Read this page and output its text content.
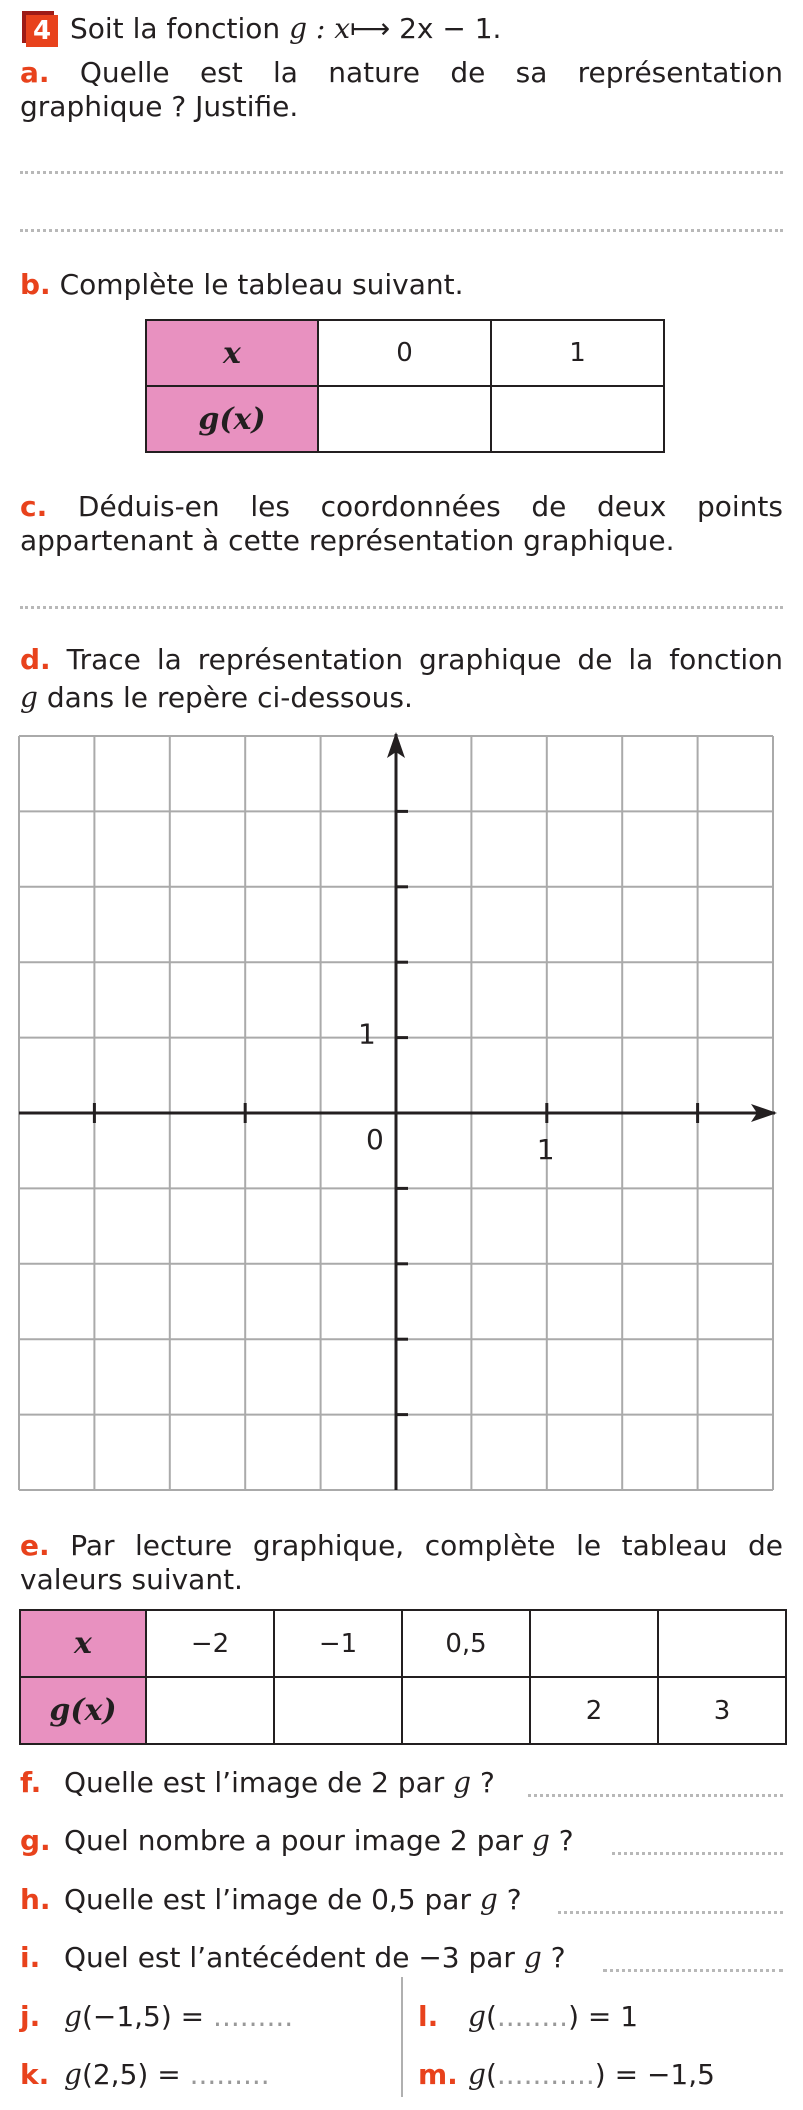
4 Soit la fonction g : x⟼ 2x − 1.
a. Quelle est la nature de sa représentation
graphique ? Justifie.
b. Complète le tableau suivant.
x	0	1
g(x)		
c. Déduis-en les coordonnées de deux points
appartenant à cette représentation graphique.
d. Trace la représentation graphique de la fonction
g dans le repère ci-dessous.
0	1
1
e. Par lecture graphique, complète le tableau de
valeurs suivant.
x	−2	−1	0,5		
g(x)				2	3
f. Quelle est l’image de 2 par g ?
g. Quel nombre a pour image 2 par g ?
h. Quelle est l’image de 0,5 par g ?
i. Quel est l’antécédent de −3 par g ?
j. g(−1,5) = .........
k. g(2,5) = .........
l. g(........) = 1
m. g(...........) = −1,5
